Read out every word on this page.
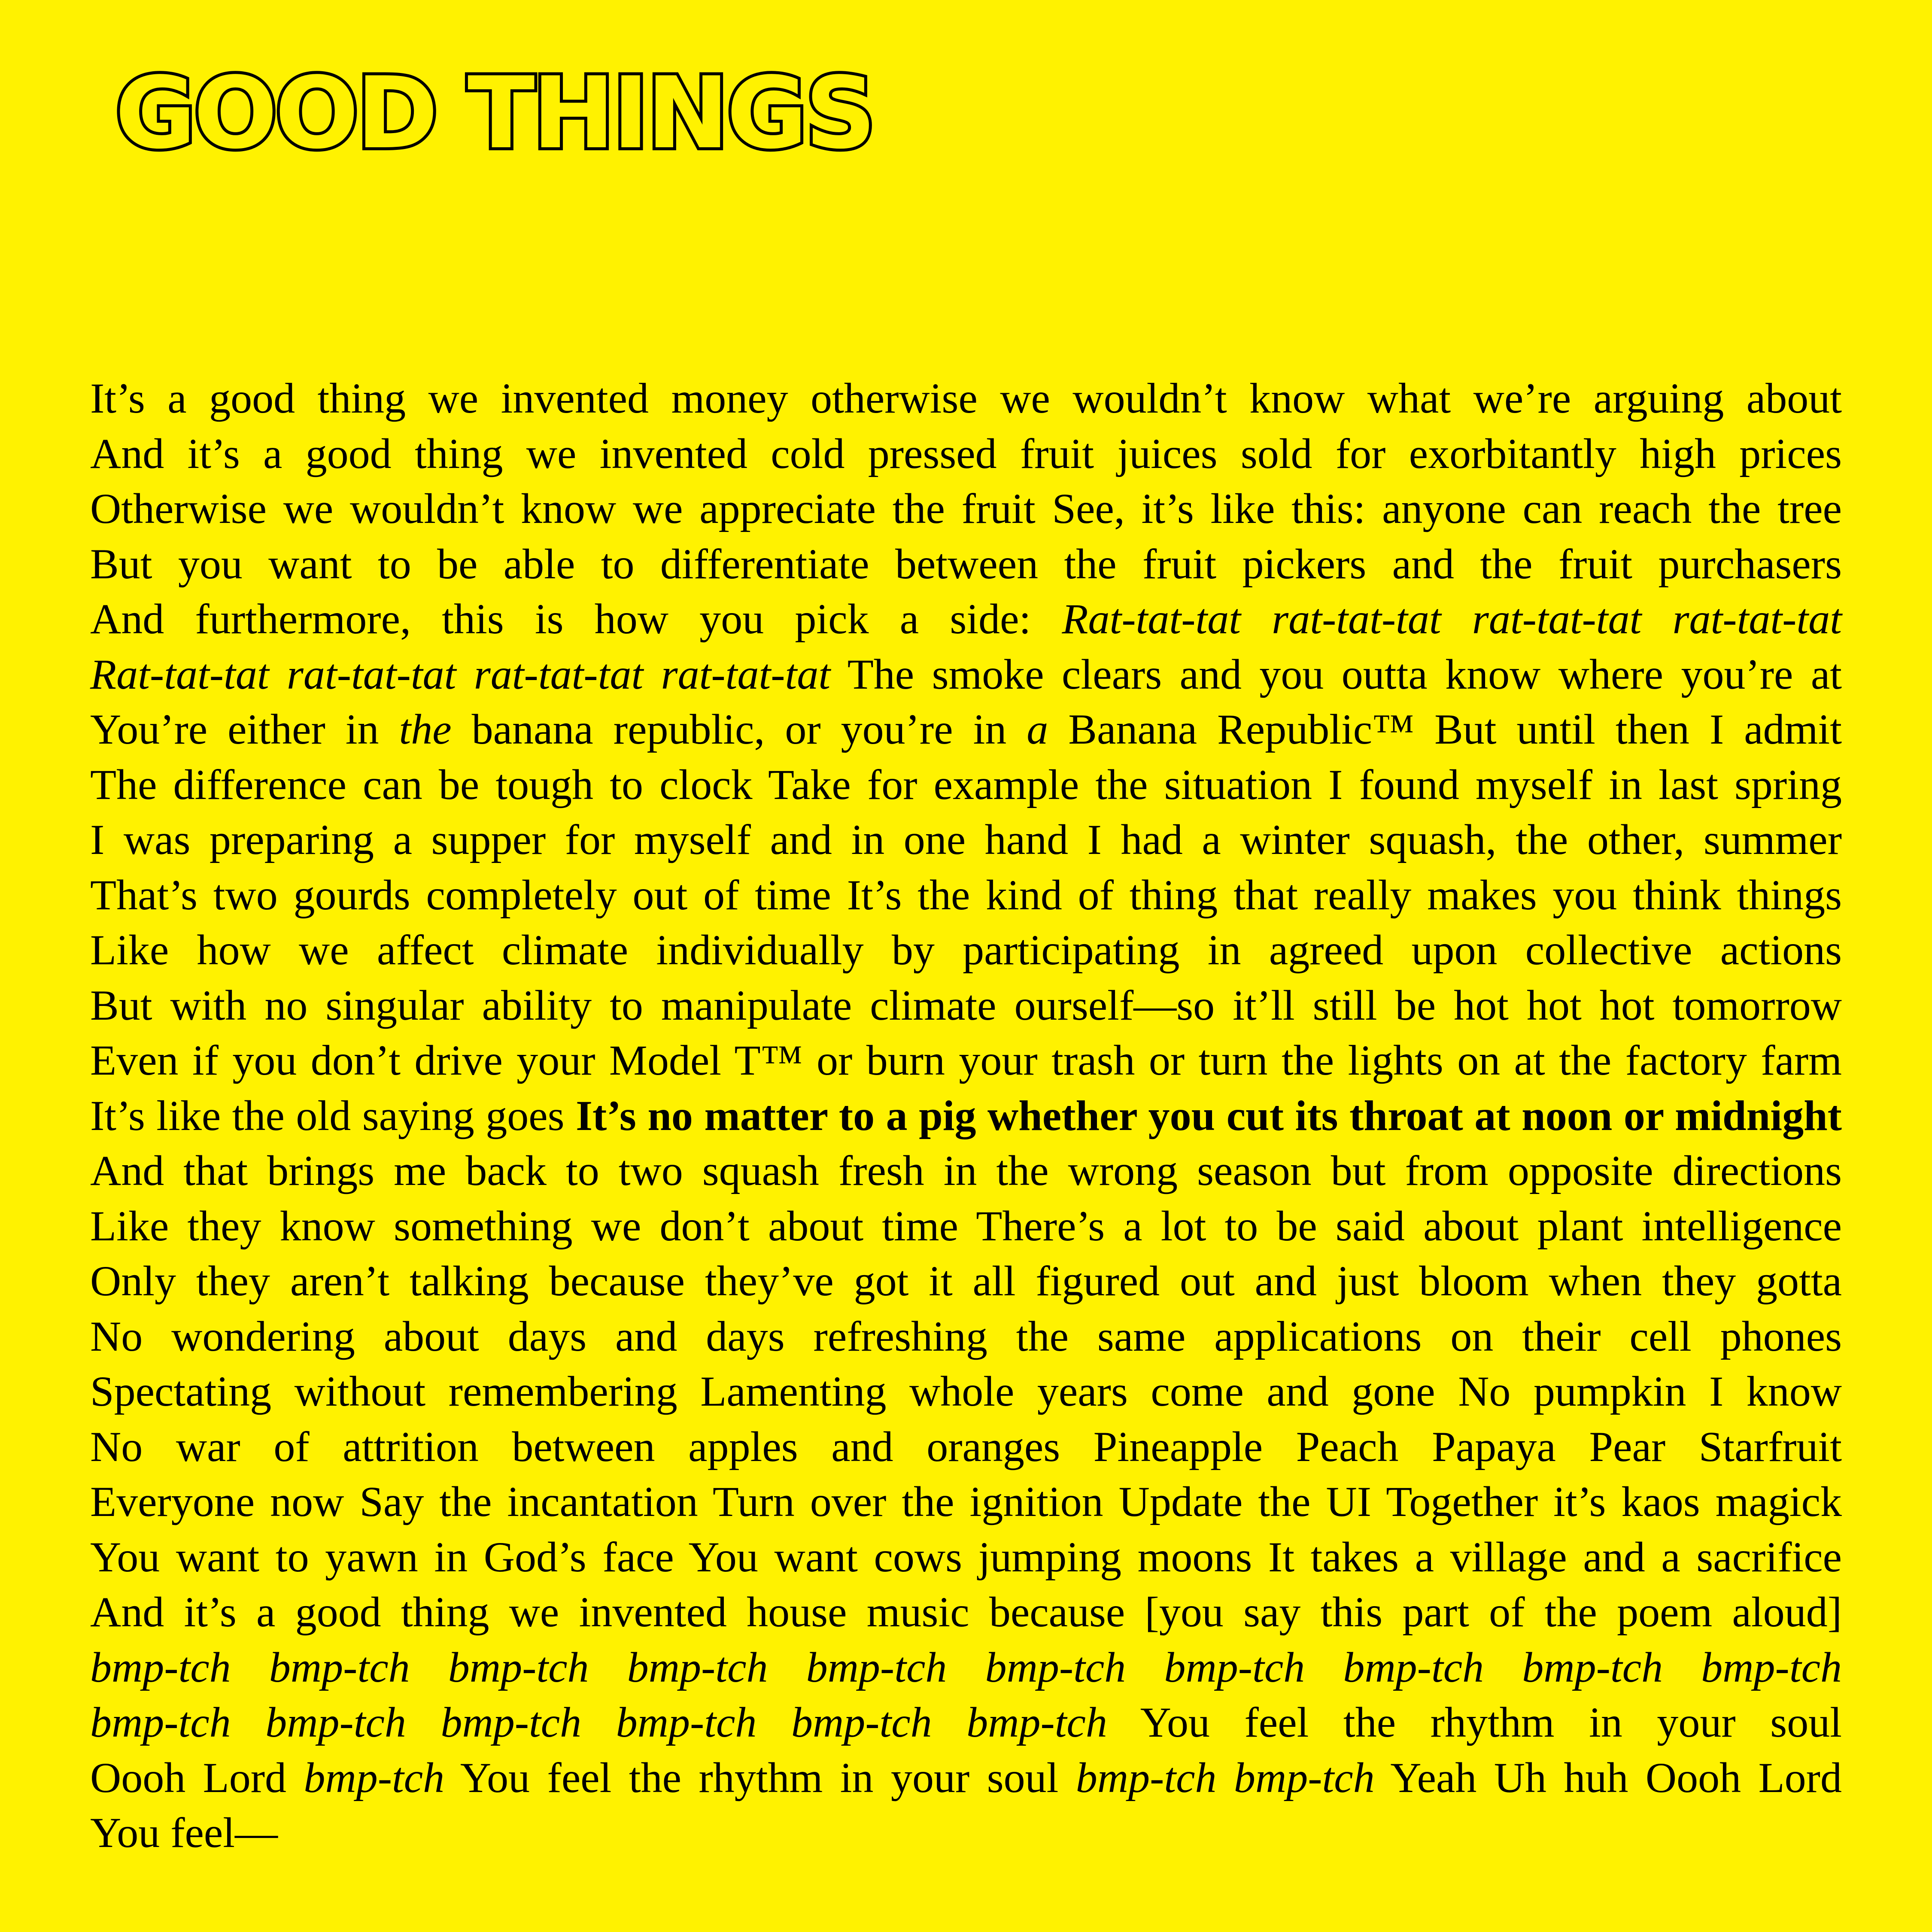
GOOD THINGS
It’s a good thing we invented money otherwise we wouldn’t know what we’re arguing about
And it’s a good thing we invented cold pressed fruit juices sold for exorbitantly high prices
Otherwise we wouldn’t know we appreciate the fruit See, it’s like this: anyone can reach the tree
But you want to be able to differentiate between the fruit pickers and the fruit purchasers
And furthermore, this is how you pick a side: Rat-tat-tat rat-tat-tat rat-tat-tat rat-tat-tat
Rat-tat-tat rat-tat-tat rat-tat-tat rat-tat-tat The smoke clears and you outta know where you’re at
You’re either in the banana republic, or you’re in a Banana Republic™ But until then I admit
The difference can be tough to clock Take for example the situation I found myself in last spring
I was preparing a supper for myself and in one hand I had a winter squash, the other, summer
That’s two gourds completely out of time It’s the kind of thing that really makes you think things
Like how we affect climate individually by participating in agreed upon collective actions
But with no singular ability to manipulate climate ourself—so it’ll still be hot hot hot tomorrow
Even if you don’t drive your Model T™ or burn your trash or turn the lights on at the factory farm
It’s like the old saying goes It’s no matter to a pig whether you cut its throat at noon or midnight
And that brings me back to two squash fresh in the wrong season but from opposite directions
Like they know something we don’t about time There’s a lot to be said about plant intelligence
Only they aren’t talking because they’ve got it all figured out and just bloom when they gotta
No wondering about days and days refreshing the same applications on their cell phones
Spectating without remembering Lamenting whole years come and gone No pumpkin I know
No war of attrition between apples and oranges Pineapple Peach Papaya Pear Starfruit
Everyone now Say the incantation Turn over the ignition Update the UI Together it’s kaos magick
You want to yawn in God’s face You want cows jumping moons It takes a village and a sacrifice
And it’s a good thing we invented house music because [you say this part of the poem aloud]
bmp-tch bmp-tch bmp-tch bmp-tch bmp-tch bmp-tch bmp-tch bmp-tch bmp-tch bmp-tch
bmp-tch bmp-tch bmp-tch bmp-tch bmp-tch bmp-tch You feel the rhythm in your soul
Oooh Lord bmp-tch You feel the rhythm in your soul bmp-tch bmp-tch Yeah Uh huh Oooh Lord
You feel—
